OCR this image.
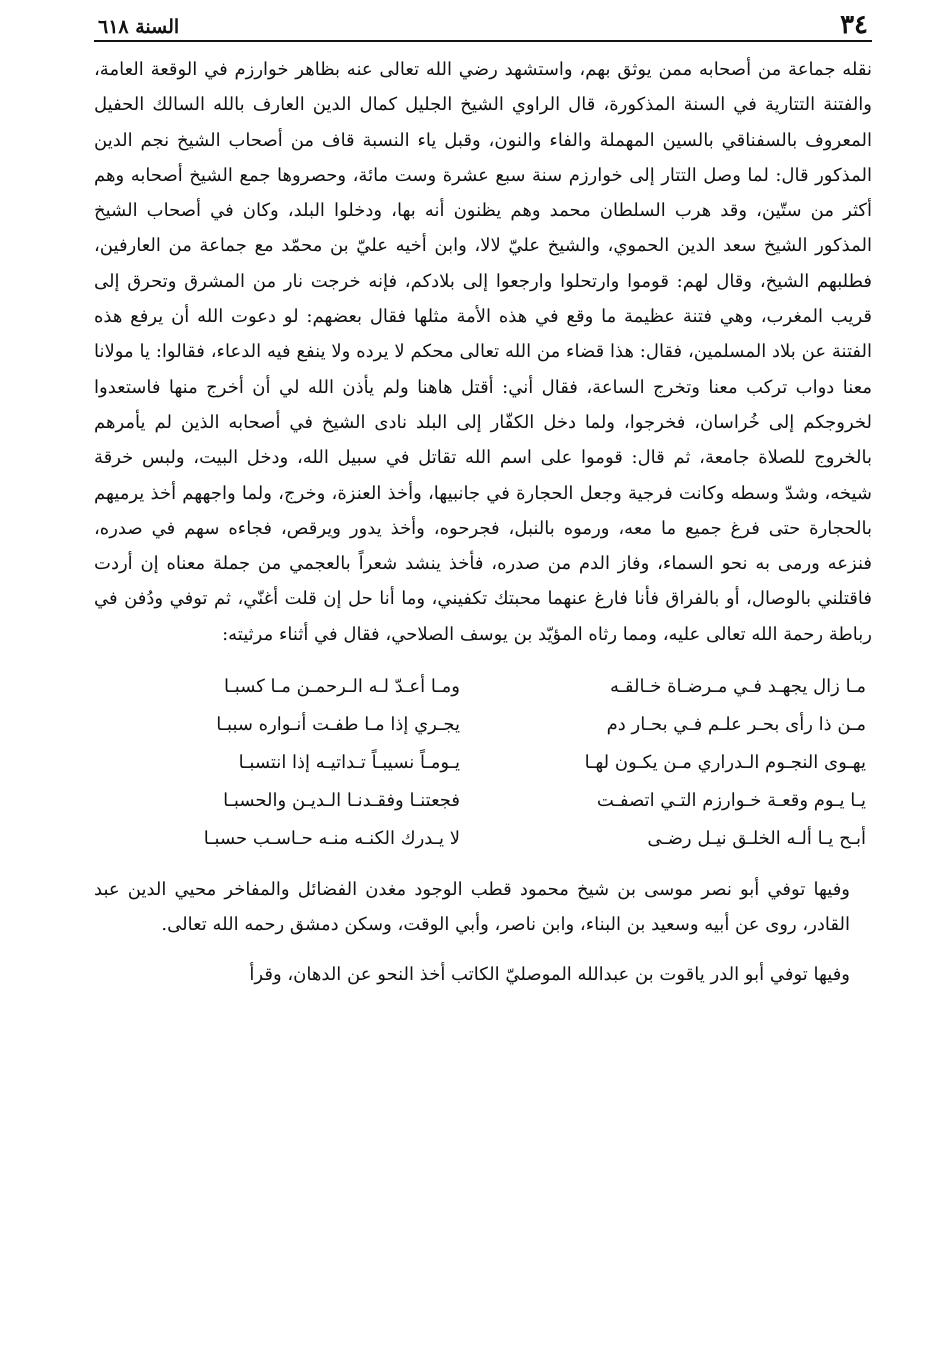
٣٤
السنة ٦١٨

نقله جماعة من أصحابه ممن يوثق بهم، واستشهد رضي الله تعالى عنه بظاهر خوارزم في الوقعة العامة، والفتنة التتارية في السنة المذكورة، قال الراوي الشيخ الجليل كمال الدين العارف بالله السالك الحفيل المعروف بالسفناقي بالسين المهملة والفاء والنون، وقبل ياء النسبة قاف من أصحاب الشيخ نجم الدين المذكور قال: لما وصل التتار إلى خوارزم سنة سبع عشرة وست مائة، وحصروها جمع الشيخ أصحابه وهم أكثر من ستّين، وقد هرب السلطان محمد وهم يظنون أنه بها، ودخلوا البلد، وكان في أصحاب الشيخ المذكور الشيخ سعد الدين الحموي، والشيخ عليّ لالا، وابن أخيه عليّ بن محمّد مع جماعة من العارفين، فطلبهم الشيخ، وقال لهم: قوموا وارتحلوا وارجعوا إلى بلادكم، فإنه خرجت نار من المشرق وتحرق إلى قريب المغرب، وهي فتنة عظيمة ما وقع في هذه الأمة مثلها فقال بعضهم: لو دعوت الله أن يرفع هذه الفتنة عن بلاد المسلمين، فقال: هذا قضاء من الله تعالى محكم لا يرده ولا ينفع فيه الدعاء، فقالوا: يا مولانا معنا دواب تركب معنا وتخرج الساعة، فقال أني: أقتل هاهنا ولم يأذن الله لي أن أخرج منها فاستعدوا لخروجكم إلى خُراسان، فخرجوا، ولما دخل الكفّار إلى البلد نادى الشيخ في أصحابه الذين لم يأمرهم بالخروج للصلاة جامعة، ثم قال: قوموا على اسم الله تقاتل في سبيل الله، ودخل البيت، ولبس خرقة شيخه، وشدّ وسطه وكانت فرجية وجعل الحجارة في جانبيها، وأخذ العنزة، وخرج، ولما واجههم أخذ يرميهم بالحجارة حتى فرغ جميع ما معه، ورموه بالنبل، فجرحوه، وأخذ يدور ويرقص، فجاءه سهم في صدره، فنزعه ورمى به نحو السماء، وفاز الدم من صدره، فأخذ ينشد شعراً بالعجمي من جملة معناه إن أردت فاقتلني بالوصال، أو بالفراق فأنا فارغ عنهما محبتك تكفيني، وما أنا حل إن قلت أغنّي، ثم توفي ودُفن في رباطة رحمة الله تعالى عليه، ومما رثاه المؤيّد بن يوسف الصلاحي، فقال في أثناء مرثيته:

مـا زال يجهـد فـي مـرضـاة خـالقـه
ومـا أعـدّ لـه الـرحمـن مـا كسبـا
مـن ذا رأى بحـر علـم فـي بحـار دم
يجـري إذا مـا طفـت أنـواره سببـا
يهـوى النجـوم الـدراري مـن يكـون لهـا
يـومـاً نسيبـاً تـداتيـه إذا انتسبـا
يـا يـوم وقعـة خـوارزم التـي اتصفـت
فجعتنـا وفقـدنـا الـديـن والحسبـا
أبـح يـا ألـه الخلـق نيـل رضـى
لا يـدرك الكنـه منـه حـاسـب حسبـا

وفيها توفي أبو نصر موسى بن شيخ محمود قطب الوجود مغدن الفضائل والمفاخر محيي الدين عبد القادر، روى عن أبيه وسعيد بن البناء، وابن ناصر، وأبي الوقت، وسكن دمشق رحمه الله تعالى.

وفيها توفي أبو الدر ياقوت بن عبدالله الموصليّ الكاتب أخذ النحو عن الدهان، وقرأ
